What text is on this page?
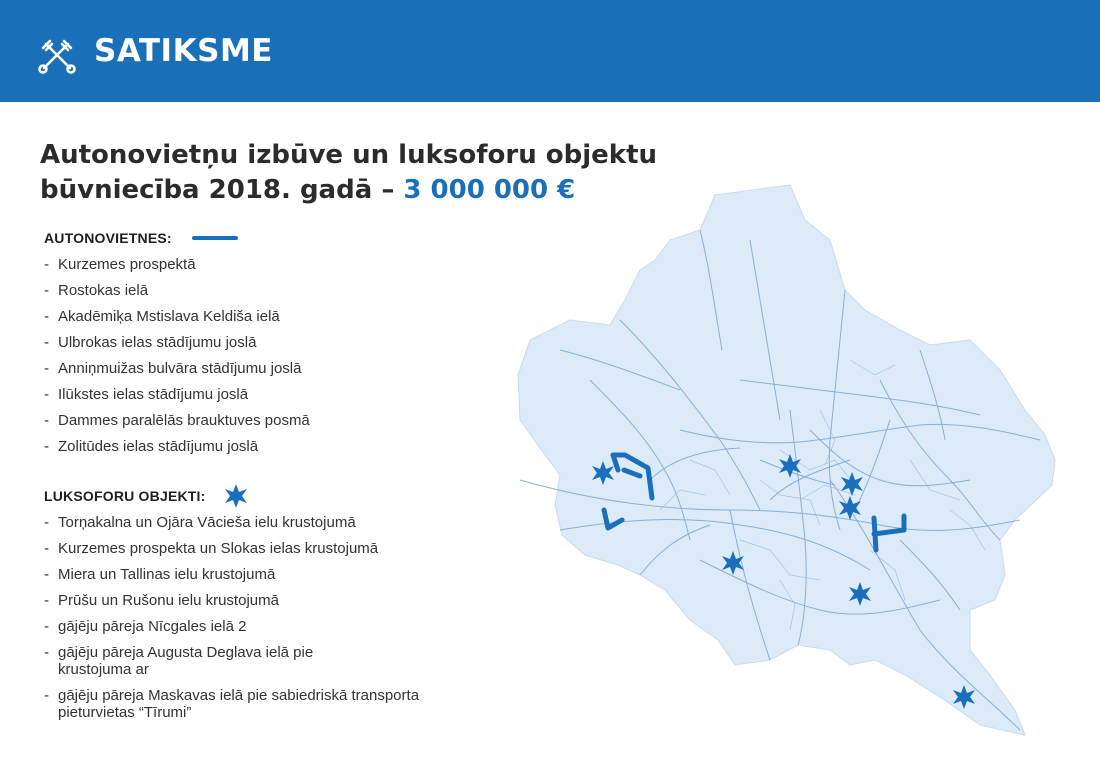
SATIKSME
Autonovietņu izbūve un luksoforu objektu
būvniecība 2018. gadā – 3 000 000 €
AUTONOVIETNES:
- Kurzemes prospektā
- Rostokas ielā
- Akadēmiķa Mstislava Keldiša ielā
- Ulbrokas ielas stādījumu joslā
- Anniņmuižas bulvāra stādījumu joslā
- Ilūkstes ielas stādījumu joslā
- Dammes paralēlās brauktuves posmā
- Zolitūdes ielas stādījumu joslā
LUKSOFORU OBJEKTI:
- Torņakalna un Ojāra Vācieša ielu krustojumā
- Kurzemes prospekta un Slokas ielas krustojumā
- Miera un Tallinas ielu krustojumā
- Prūšu un Rušonu ielu krustojumā
- gājēju pāreja Nīcgales ielā 2
- gājēju pāreja Augusta Deglava ielā pie krustojuma ar
- gājēju pāreja Maskavas ielā pie sabiedriskā transporta pieturvietas “Tīrumi”
